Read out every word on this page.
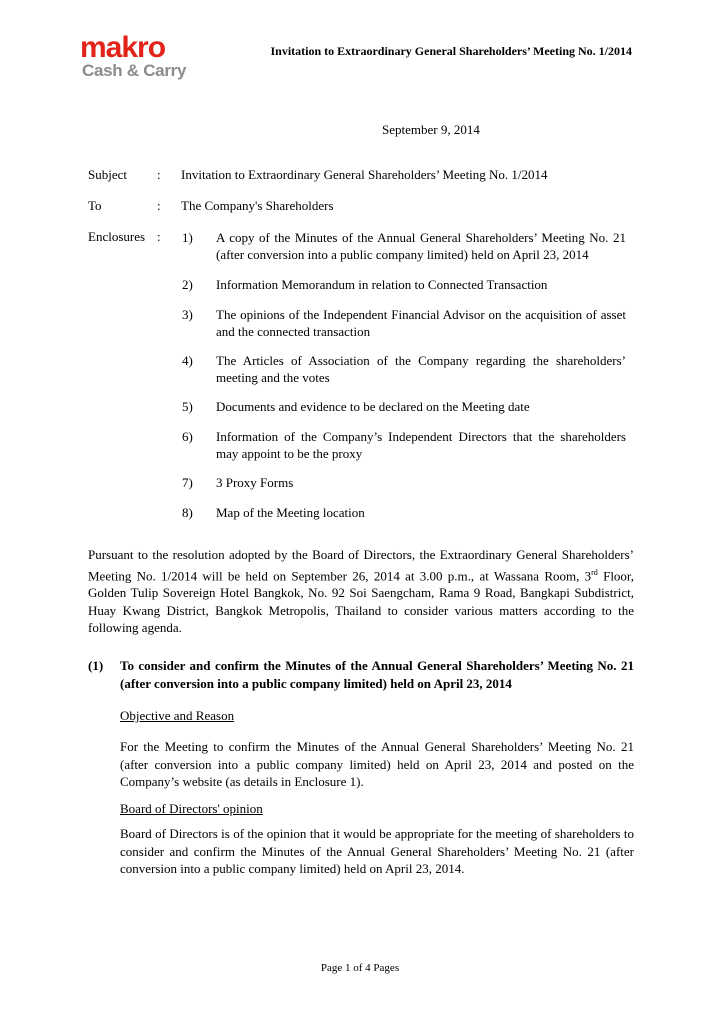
makro
Cash & Carry
Invitation to Extraordinary General Shareholders’ Meeting No. 1/2014
September 9, 2014
Subject	: Invitation to Extraordinary General Shareholders’ Meeting No. 1/2014
To	: The Company's Shareholders
Enclosures : 1) A copy of the Minutes of the Annual General Shareholders’ Meeting No. 21 (after conversion into a public company limited) held on April 23, 2014
2) Information Memorandum in relation to Connected Transaction
3) The opinions of the Independent Financial Advisor on the acquisition of asset and the connected transaction
4) The Articles of Association of the Company regarding the shareholders’ meeting and the votes
5) Documents and evidence to be declared on the Meeting date
6) Information of the Company’s Independent Directors that the shareholders may appoint to be the proxy
7) 3 Proxy Forms
8) Map of the Meeting location
Pursuant to the resolution adopted by the Board of Directors, the Extraordinary General Shareholders’ Meeting No. 1/2014 will be held on September 26, 2014 at 3.00 p.m., at Wassana Room, 3rd Floor, Golden Tulip Sovereign Hotel Bangkok, No. 92 Soi Saengcham, Rama 9 Road, Bangkapi Subdistrict, Huay Kwang District, Bangkok Metropolis, Thailand to consider various matters according to the following agenda.
(1) To consider and confirm the Minutes of the Annual General Shareholders’ Meeting No. 21 (after conversion into a public company limited) held on April 23, 2014
Objective and Reason
For the Meeting to confirm the Minutes of the Annual General Shareholders’ Meeting No. 21 (after conversion into a public company limited) held on April 23, 2014 and posted on the Company’s website (as details in Enclosure 1).
Board of Directors' opinion
Board of Directors is of the opinion that it would be appropriate for the meeting of shareholders to consider and confirm the Minutes of the Annual General Shareholders’ Meeting No. 21 (after conversion into a public company limited) held on April 23, 2014.
Page 1 of 4 Pages
